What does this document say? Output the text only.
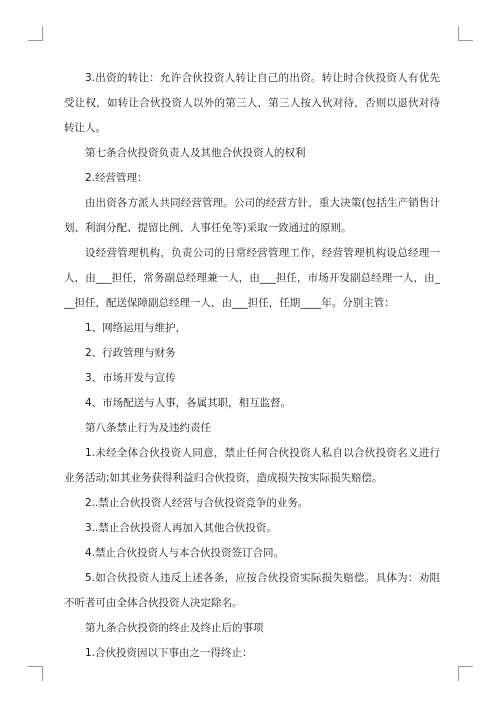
3.出资的转让：允许合伙投资人转让自己的出资。转让时合伙投资人有优先受让权，如转让合伙投资人以外的第三人，第三人按入伙对待，否则以退伙对待转让人。

第七条合伙投资负责人及其他合伙投资人的权利

2.经营管理：

由出资各方派人共同经营管理。公司的经营方针，重大决策(包括生产销售计划、利润分配、提留比例、人事任免等)采取一致通过的原则。

设经营管理机构，负责公司的日常经营管理工作，经营管理机构设总经理一人，由___担任，常务副总经理兼一人，由___担任，市场开发副总经理一人，由___担任，配送保障副总经理一人，由___担任，任期____年。分别主管：

1、网络运用与维护，

2、行政管理与财务

3、市场开发与宣传

4、市场配送与人事，各属其职，相互监督。

第八条禁止行为及违约责任

1.未经全体合伙投资人同意，禁止任何合伙投资人私自以合伙投资名义进行业务活动;如其业务获得利益归合伙投资，造成损失按实际损失赔偿。

2..禁止合伙投资人经营与合伙投资竞争的业务。

3..禁止合伙投资人再加入其他合伙投资。

4.禁止合伙投资人与本合伙投资签订合同。

5.如合伙投资人违反上述各条，应按合伙投资实际损失赔偿。具体为：劝阻不听者可由全体合伙投资人决定除名。

第九条合伙投资的终止及终止后的事项

1.合伙投资因以下事由之一得终止：
